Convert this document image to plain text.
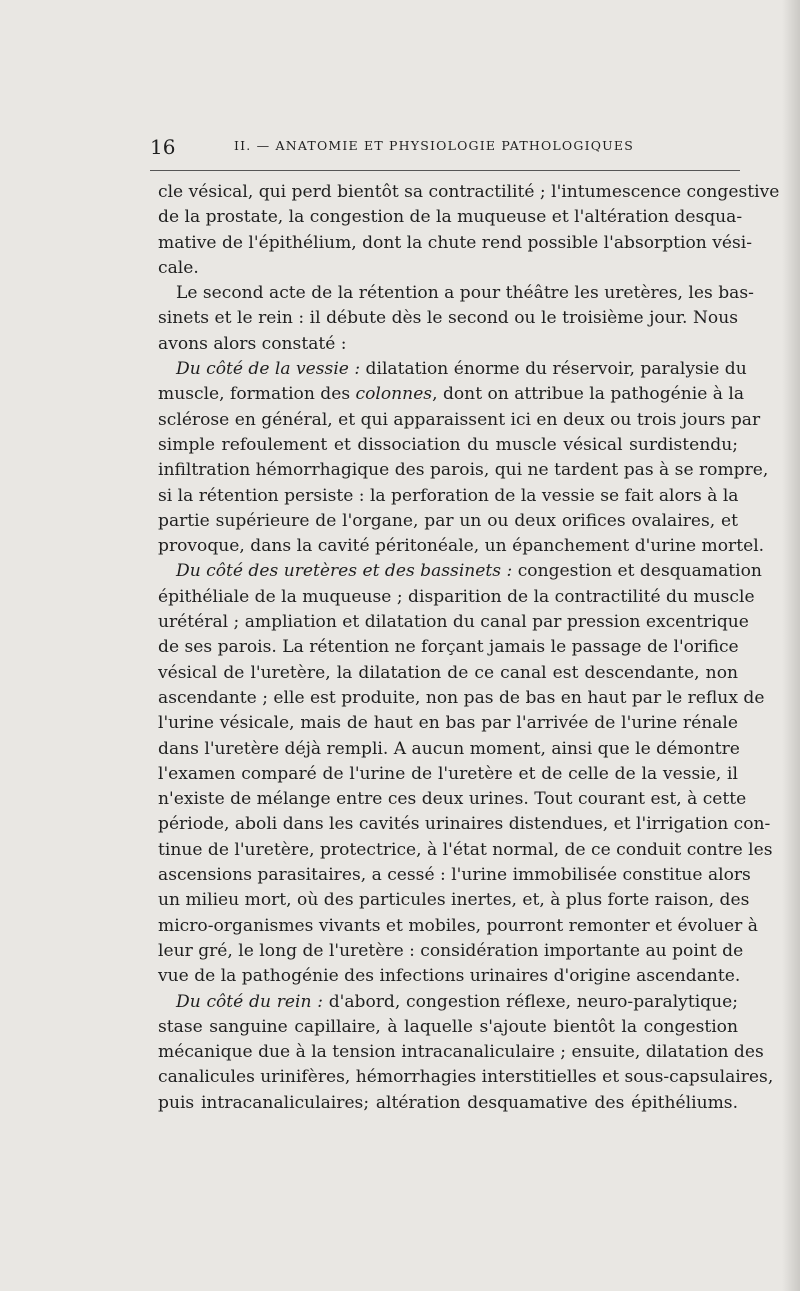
16	II. — ANATOMIE ET PHYSIOLOGIE PATHOLOGIQUES

cle vésical, qui perd bientôt sa contractilité ; l'intumescence congestive
de la prostate, la congestion de la muqueuse et l'altération desqua-
mative de l'épithélium, dont la chute rend possible l'absorption vési-
cale.

Le second acte de la rétention a pour théâtre les uretères, les bas-
sinets et le rein : il débute dès le second ou le troisième jour. Nous
avons alors constaté :

Du côté de la vessie : dilatation énorme du réservoir, paralysie du
muscle, formation des colonnes, dont on attribue la pathogénie à la
sclérose en général, et qui apparaissent ici en deux ou trois jours par
simple refoulement et dissociation du muscle vésical surdistendu;
infiltration hémorrhagique des parois, qui ne tardent pas à se rompre,
si la rétention persiste : la perforation de la vessie se fait alors à la
partie supérieure de l'organe, par un ou deux orifices ovalaires, et
provoque, dans la cavité péritonéale, un épanchement d'urine mortel.

Du côté des uretères et des bassinets : congestion et desquamation
épithéliale de la muqueuse ; disparition de la contractilité du muscle
urétéral ; ampliation et dilatation du canal par pression excentrique
de ses parois. La rétention ne forçant jamais le passage de l'orifice
vésical de l'uretère, la dilatation de ce canal est descendante, non
ascendante ; elle est produite, non pas de bas en haut par le reflux de
l'urine vésicale, mais de haut en bas par l'arrivée de l'urine rénale
dans l'uretère déjà rempli. A aucun moment, ainsi que le démontre
l'examen comparé de l'urine de l'uretère et de celle de la vessie, il
n'existe de mélange entre ces deux urines. Tout courant est, à cette
période, aboli dans les cavités urinaires distendues, et l'irrigation con-
tinue de l'uretère, protectrice, à l'état normal, de ce conduit contre les
ascensions parasitaires, a cessé : l'urine immobilisée constitue alors
un milieu mort, où des particules inertes, et, à plus forte raison, des
micro-organismes vivants et mobiles, pourront remonter et évoluer à
leur gré, le long de l'uretère : considération importante au point de
vue de la pathogénie des infections urinaires d'origine ascendante.

Du côté du rein : d'abord, congestion réflexe, neuro-paralytique;
stase sanguine capillaire, à laquelle s'ajoute bientôt la congestion
mécanique due à la tension intracanaliculaire ; ensuite, dilatation des
canalicules urinifères, hémorrhagies interstitielles et sous-capsulaires,
puis intracanaliculaires; altération desquamative des épithéliums.
